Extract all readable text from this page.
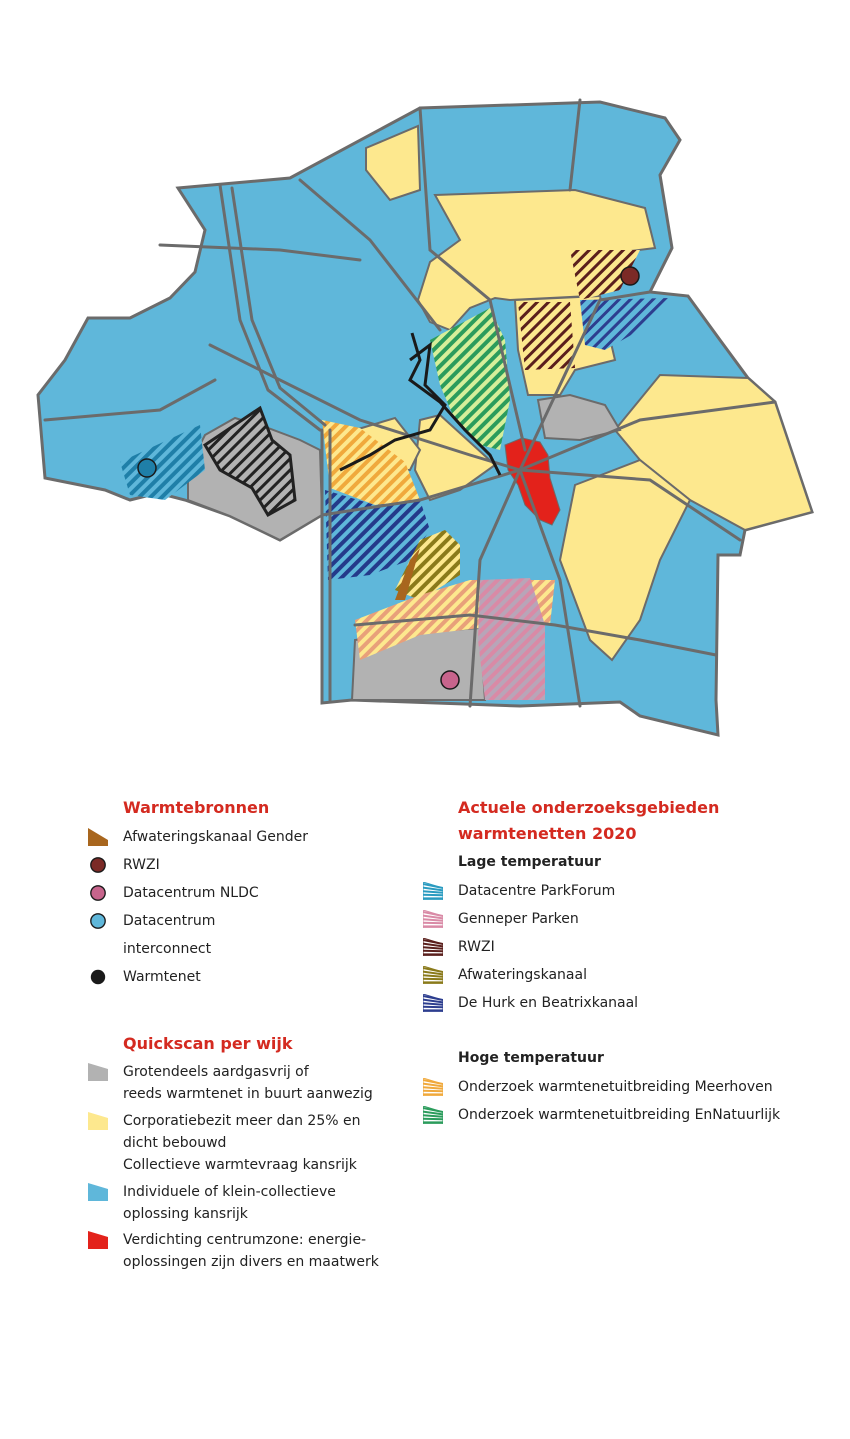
Warmtebronnen
Afwateringskanaal Gender
RWZI
Datacentrum NLDC
Datacentrum
interconnect
Warmtenet
Quickscan per wijk
Grotendeels aardgasvrij of
reeds warmtenet in buurt aanwezig
Corporatiebezit meer dan 25% en
dicht bebouwd
Collectieve warmtevraag kansrijk
Individuele of klein-collectieve
oplossing kansrijk
Verdichting centrumzone: energie-
oplossingen zijn divers en maatwerk
Actuele onderzoeksgebieden
warmtenetten 2020
Lage temperatuur
Datacentre ParkForum
Genneper Parken
RWZI
Afwateringskanaal
De Hurk en Beatrixkanaal
Hoge temperatuur
Onderzoek warmtenetuitbreiding Meerhoven
Onderzoek warmtenetuitbreiding EnNatuurlijk
